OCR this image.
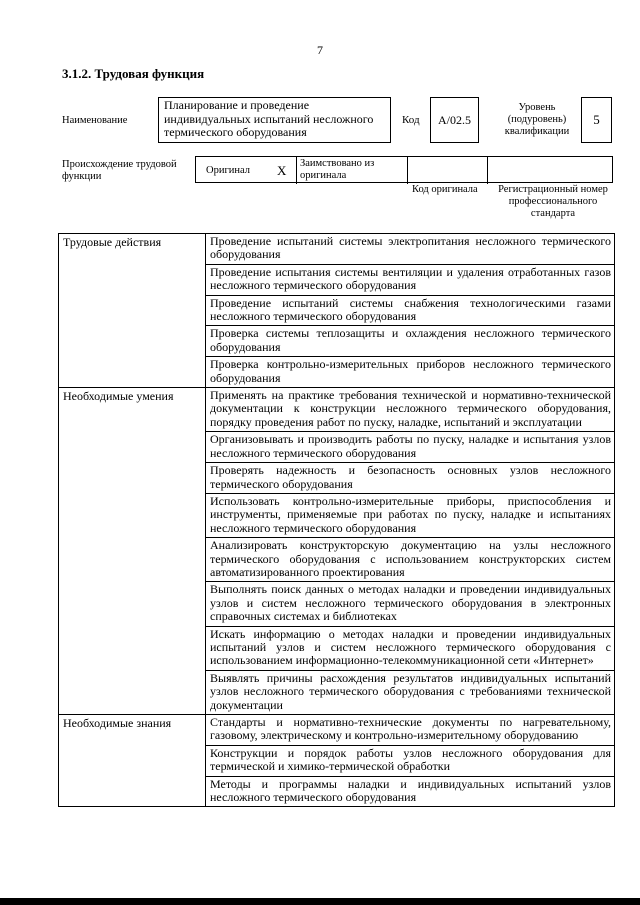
7
3.1.2. Трудовая функция
Наименование
Планирование и проведение индивидуальных испытаний несложного термического оборудования
Код	A/02.5
Уровень (подуровень) квалификации
5
Происхождение трудовой функции
Оригинал X Заимствовано из оригинала
Код оригинала	Регистрационный номер профессионального стандарта
Трудовые действия	Проведение испытаний системы электропитания несложного термического оборудования
	Проведение испытания системы вентиляции и удаления отработанных газов несложного термического оборудования
	Проведение испытаний системы снабжения технологическими газами несложного термического оборудования
	Проверка системы теплозащиты и охлаждения несложного термического оборудования
	Проверка контрольно-измерительных приборов несложного термического оборудования
Необходимые умения	Применять на практике требования технической и нормативно-технической документации к конструкции несложного термического оборудования, порядку проведения работ по пуску, наладке, испытаний и эксплуатации
	Организовывать и производить работы по пуску, наладке и испытания узлов несложного термического оборудования
	Проверять надежность и безопасность основных узлов несложного термического оборудования
	Использовать контрольно-измерительные приборы, приспособления и инструменты, применяемые при работах по пуску, наладке и испытаниях несложного термического оборудования
	Анализировать конструкторскую документацию на узлы несложного термического оборудования с использованием конструкторских систем автоматизированного проектирования
	Выполнять поиск данных о методах наладки и проведении индивидуальных узлов и систем несложного термического оборудования в электронных справочных системах и библиотеках
	Искать информацию о методах наладки и проведении индивидуальных испытаний узлов и систем несложного термического оборудования с использованием информационно-телекоммуникационной сети «Интернет»
	Выявлять причины расхождения результатов индивидуальных испытаний узлов несложного термического оборудования с требованиями технической документации
Необходимые знания	Стандарты и нормативно-технические документы по нагревательному, газовому, электрическому и контрольно-измерительному оборудованию
	Конструкции и порядок работы узлов несложного оборудования для термической и химико-термической обработки
	Методы и программы наладки и индивидуальных испытаний узлов несложного термического оборудования
